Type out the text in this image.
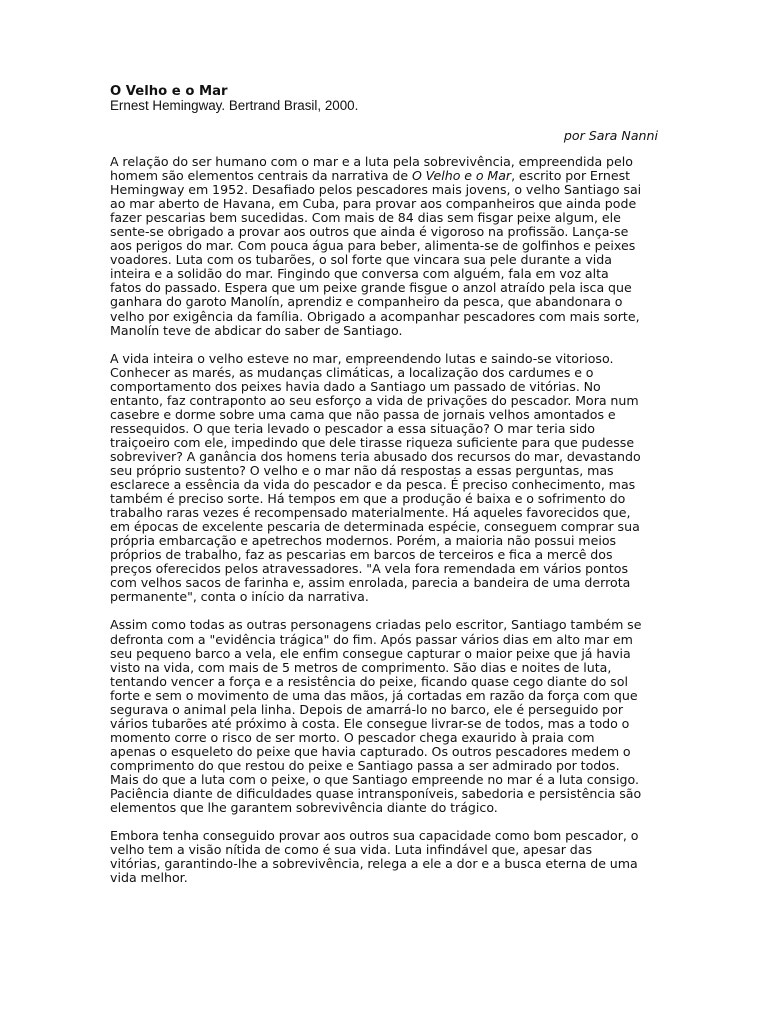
O Velho e o Mar

Ernest Hemingway. Bertrand Brasil, 2000.

por Sara Nanni

A relação do ser humano com o mar e a luta pela sobrevivência, empreendida pelo
homem são elementos centrais da narrativa de O Velho e o Mar, escrito por Ernest
Hemingway em 1952. Desafiado pelos pescadores mais jovens, o velho Santiago sai
ao mar aberto de Havana, em Cuba, para provar aos companheiros que ainda pode
fazer pescarias bem sucedidas. Com mais de 84 dias sem fisgar peixe algum, ele
sente-se obrigado a provar aos outros que ainda é vigoroso na profissão. Lança-se
aos perigos do mar. Com pouca água para beber, alimenta-se de golfinhos e peixes
voadores. Luta com os tubarões, o sol forte que vincara sua pele durante a vida
inteira e a solidão do mar. Fingindo que conversa com alguém, fala em voz alta
fatos do passado. Espera que um peixe grande fisgue o anzol atraído pela isca que
ganhara do garoto Manolín, aprendiz e companheiro da pesca, que abandonara o
velho por exigência da família. Obrigado a acompanhar pescadores com mais sorte,
Manolín teve de abdicar do saber de Santiago.

A vida inteira o velho esteve no mar, empreendendo lutas e saindo-se vitorioso.
Conhecer as marés, as mudanças climáticas, a localização dos cardumes e o
comportamento dos peixes havia dado a Santiago um passado de vitórias. No
entanto, faz contraponto ao seu esforço a vida de privações do pescador. Mora num
casebre e dorme sobre uma cama que não passa de jornais velhos amontados e
ressequidos. O que teria levado o pescador a essa situação? O mar teria sido
traiçoeiro com ele, impedindo que dele tirasse riqueza suficiente para que pudesse
sobreviver? A ganância dos homens teria abusado dos recursos do mar, devastando
seu próprio sustento? O velho e o mar não dá respostas a essas perguntas, mas
esclarece a essência da vida do pescador e da pesca. É preciso conhecimento, mas
também é preciso sorte. Há tempos em que a produção é baixa e o sofrimento do
trabalho raras vezes é recompensado materialmente. Há aqueles favorecidos que,
em épocas de excelente pescaria de determinada espécie, conseguem comprar sua
própria embarcação e apetrechos modernos. Porém, a maioria não possui meios
próprios de trabalho, faz as pescarias em barcos de terceiros e fica a mercê dos
preços oferecidos pelos atravessadores. "A vela fora remendada em vários pontos
com velhos sacos de farinha e, assim enrolada, parecia a bandeira de uma derrota
permanente", conta o início da narrativa.

Assim como todas as outras personagens criadas pelo escritor, Santiago também se
defronta com a "evidência trágica" do fim. Após passar vários dias em alto mar em
seu pequeno barco a vela, ele enfim consegue capturar o maior peixe que já havia
visto na vida, com mais de 5 metros de comprimento. São dias e noites de luta,
tentando vencer a força e a resistência do peixe, ficando quase cego diante do sol
forte e sem o movimento de uma das mãos, já cortadas em razão da força com que
segurava o animal pela linha. Depois de amarrá-lo no barco, ele é perseguido por
vários tubarões até próximo à costa. Ele consegue livrar-se de todos, mas a todo o
momento corre o risco de ser morto. O pescador chega exaurido à praia com
apenas o esqueleto do peixe que havia capturado. Os outros pescadores medem o
comprimento do que restou do peixe e Santiago passa a ser admirado por todos.
Mais do que a luta com o peixe, o que Santiago empreende no mar é a luta consigo.
Paciência diante de dificuldades quase intransponíveis, sabedoria e persistência são
elementos que lhe garantem sobrevivência diante do trágico.

Embora tenha conseguido provar aos outros sua capacidade como bom pescador, o
velho tem a visão nítida de como é sua vida. Luta infindável que, apesar das
vitórias, garantindo-lhe a sobrevivência, relega a ele a dor e a busca eterna de uma
vida melhor.
